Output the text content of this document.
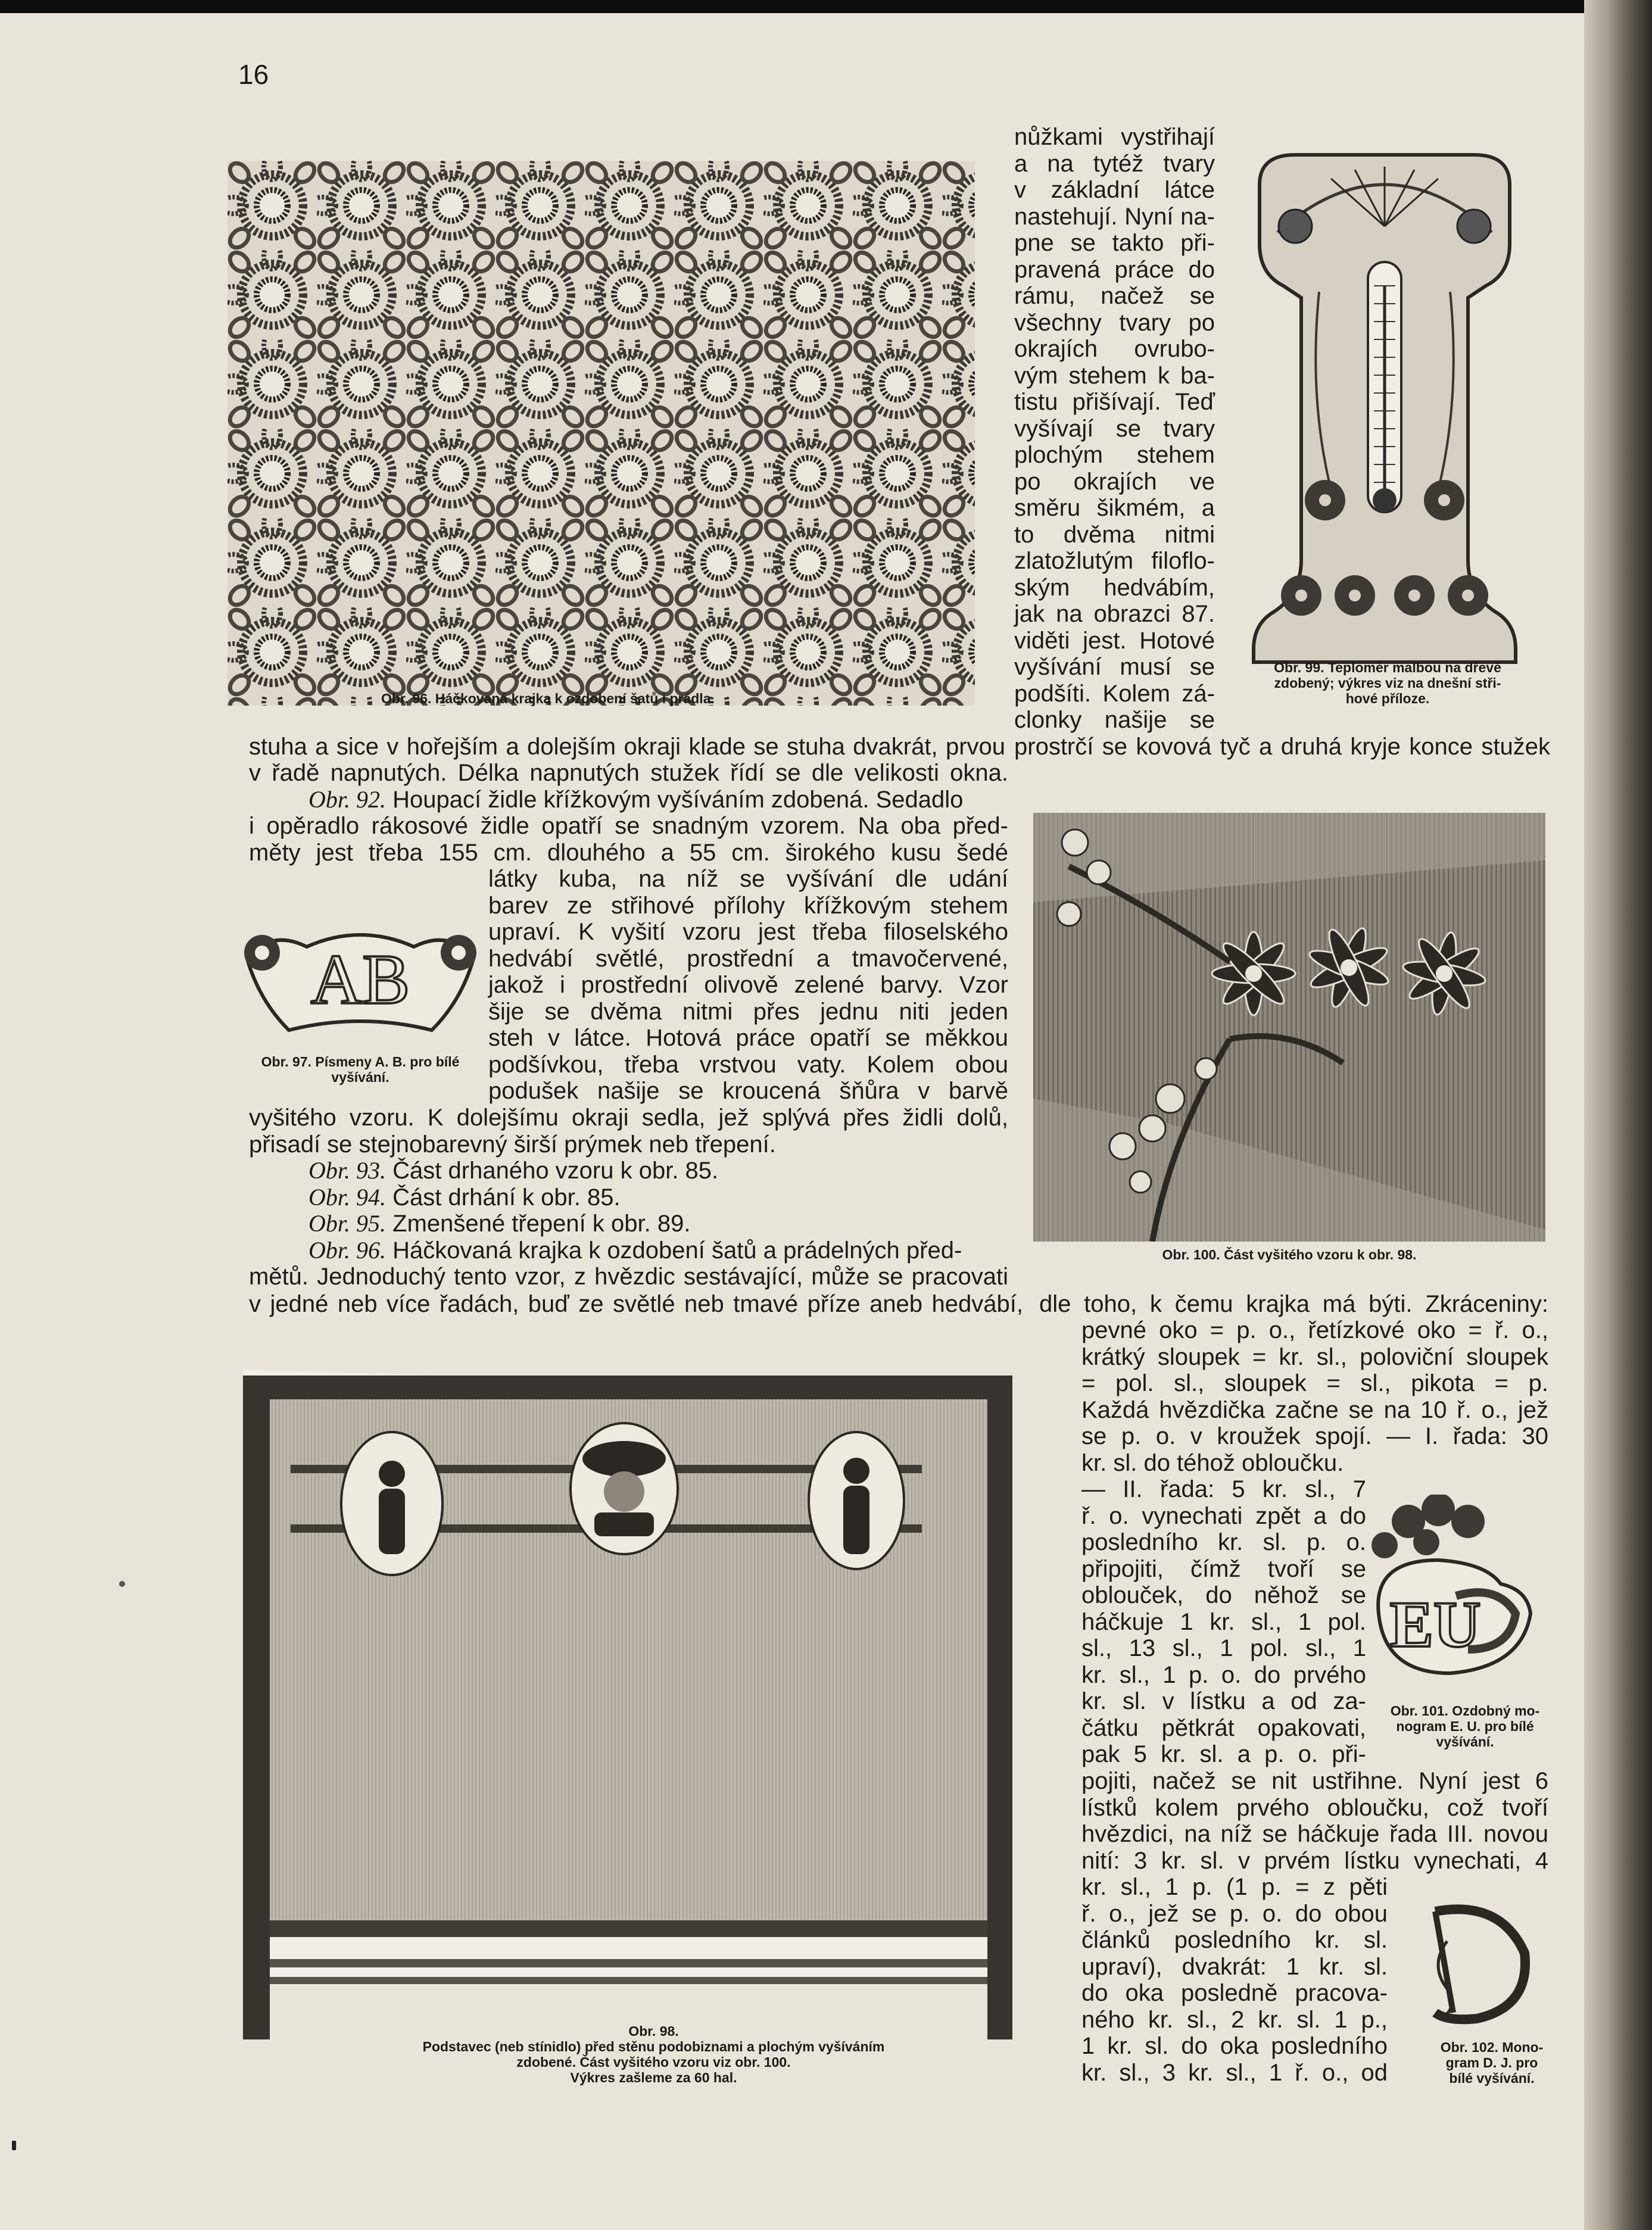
16
Obr. 96. Háčkovaná krajka k ozdobení šatů i prádla.
nůžkami vystřihají
a na tytéž tvary
v základní látce
nastehují. Nyní na-
pne se takto při-
pravená práce do
rámu, načež se
všechny tvary po
okrajích ovrubo-
vým stehem k ba-
tistu přišívají. Teď
vyšívají se tvary
plochým stehem
po okrajích ve
směru šikmém, a
to dvěma nitmi
zlatožlutým filoflo-
ským hedvábím,
jak na obrazci 87.
viděti jest. Hotové
vyšívání musí se
podšíti. Kolem zá-
clonky našije se
Obr. 99. Teploměr malbou na dřevě
zdobený; výkres viz na dnešní stři-
hové příloze.
stuha a sice v hořejším a dolejším okraji klade se stuha dvakrát, prvou prostrčí se kovová tyč a druhá kryje konce stužek
v řadě napnutých. Délka napnutých stužek řídí se dle velikosti okna.
Obr. 92. Houpací židle křížkovým vyšíváním zdobená. Sedadlo
i opěradlo rákosové židle opatří se snadným vzorem. Na oba před-
měty jest třeba 155 cm. dlouhého a 55 cm. širokého kusu šedé
AB
Obr. 97. Písmeny A. B. pro bílé vyšívání.
látky kuba, na níž se vyšívání dle udání
barev ze střihové přílohy křížkovým stehem
upraví. K vyšití vzoru jest třeba filoselského
hedvábí světlé, prostřední a tmavočervené,
jakož i prostřední olivově zelené barvy. Vzor
šije se dvěma nitmi přes jednu niti jeden
steh v látce. Hotová práce opatří se měkkou
podšívkou, třeba vrstvou vaty. Kolem obou
podušek našije se kroucená šňůra v barvě
vyšitého vzoru. K dolejšímu okraji sedla, jež splývá přes židli dolů,
přisadí se stejnobarevný širší prýmek neb třepení.
Obr. 93. Část drhaného vzoru k obr. 85.
Obr. 94. Část drhání k obr. 85.
Obr. 95. Zmenšené třepení k obr. 89.
Obr. 96. Háčkovaná krajka k ozdobení šatů a prádelných před-
mětů. Jednoduchý tento vzor, z hvězdic sestávající, může se pracovati
v jedné neb více řadách, buď ze světlé neb tmavé příze aneb hedvábí, dle toho, k čemu krajka má býti. Zkráceniny:
Obr. 100. Část vyšitého vzoru k obr. 98.
Obr. 98.
Podstavec (neb stínidlo) před stěnu podobiznami a plochým vyšíváním
zdobené. Část vyšitého vzoru viz obr. 100.
Výkres zašleme za 60 hal.
pevné oko = p. o., řetízkové oko = ř. o.,
krátký sloupek = kr. sl., poloviční sloupek
= pol. sl., sloupek = sl., pikota = p.
Každá hvězdička začne se na 10 ř. o., jež
se p. o. v kroužek spojí. — I. řada: 30
kr. sl. do téhož obloučku.
— II. řada: 5 kr. sl., 7
ř. o. vynechati zpět a do
posledního kr. sl. p. o.
připojiti, čímž tvoří se
oblouček, do něhož se
háčkuje 1 kr. sl., 1 pol.
sl., 13 sl., 1 pol. sl., 1
kr. sl., 1 p. o. do prvého
kr. sl. v lístku a od za-
čátku pětkrát opakovati,
pak 5 kr. sl. a p. o. při-
EU
Obr. 101. Ozdobný mo-
nogram E. U. pro bílé
vyšívání.
pojiti, načež se nit ustřihne. Nyní jest 6
lístků kolem prvého obloučku, což tvoří
hvězdici, na níž se háčkuje řada III. novou
nití: 3 kr. sl. v prvém lístku vynechati, 4
kr. sl., 1 p. (1 p. = z pěti
ř. o., jež se p. o. do obou
článků posledního kr. sl.
upraví), dvakrát: 1 kr. sl.
do oka posledně pracova-
ného kr. sl., 2 kr. sl. 1 p.,
1 kr. sl. do oka posledního
kr. sl., 3 kr. sl., 1 ř. o., od
Obr. 102. Mono-
gram D. J. pro
bílé vyšívání.
